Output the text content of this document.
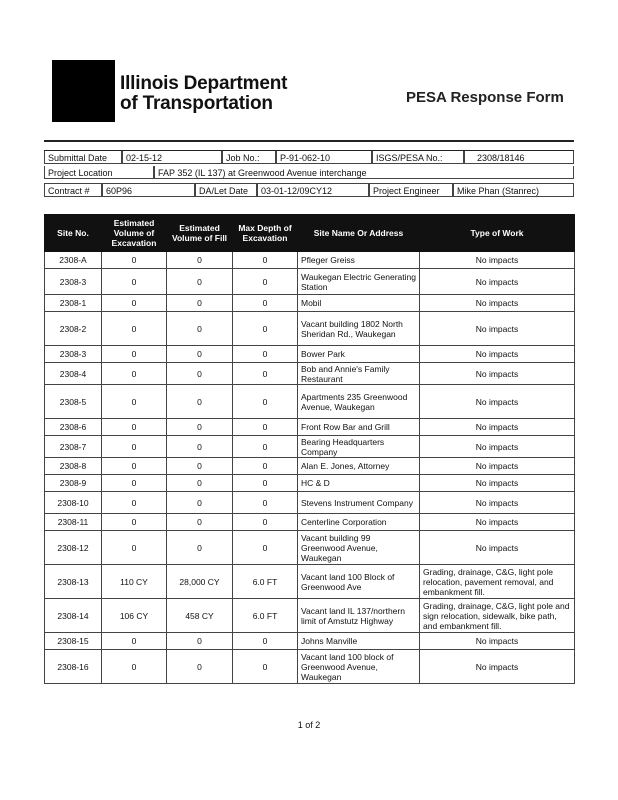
Illinois Department
of Transportation	PESA Response Form
Submittal Date	02-15-12	Job No.:	P-91-062-10	ISGS/PESA No.:	2308/18146
Project Location	FAP 352 (IL 137) at Greenwood Avenue interchange
Contract #	60P96	DA/Let Date	03-01-12/09CY12	Project Engineer	Mike Phan (Stanrec)
Site No.	Estimated Volume of Excavation	Estimated Volume of Fill	Max Depth of Excavation	Site Name Or Address	Type of Work
2308-A	0	0	0	Pfleger Greiss	No impacts
2308-3	0	0	0	Waukegan Electric Generating Station	No impacts
2308-1	0	0	0	Mobil	No impacts
2308-2	0	0	0	Vacant building 1802 North Sheridan Rd., Waukegan	No impacts
2308-3	0	0	0	Bower Park	No impacts
2308-4	0	0	0	Bob and Annie's Family Restaurant	No impacts
2308-5	0	0	0	Apartments 235 Greenwood Avenue, Waukegan	No impacts
2308-6	0	0	0	Front Row Bar and Grill	No impacts
2308-7	0	0	0	Bearing Headquarters Company	No impacts
2308-8	0	0	0	Alan E. Jones, Attorney	No impacts
2308-9	0	0	0	HC & D	No impacts
2308-10	0	0	0	Stevens Instrument Company	No impacts
2308-11	0	0	0	Centerline Corporation	No impacts
2308-12	0	0	0	Vacant building 99 Greenwood Avenue, Waukegan	No impacts
2308-13	110 CY	28,000 CY	6.0 FT	Vacant land 100 Block of Greenwood Ave	Grading, drainage, C&G, light pole relocation, pavement removal, and embankment fill.
2308-14	106 CY	458 CY	6.0 FT	Vacant land IL 137/northern limit of Amstutz Highway	Grading, drainage, C&G, light pole and sign relocation, sidewalk, bike path, and embankment fill.
2308-15	0	0	0	Johns Manville	No impacts
2308-16	0	0	0	Vacant land 100 block of Greenwood Avenue, Waukegan	No impacts
1 of 2
